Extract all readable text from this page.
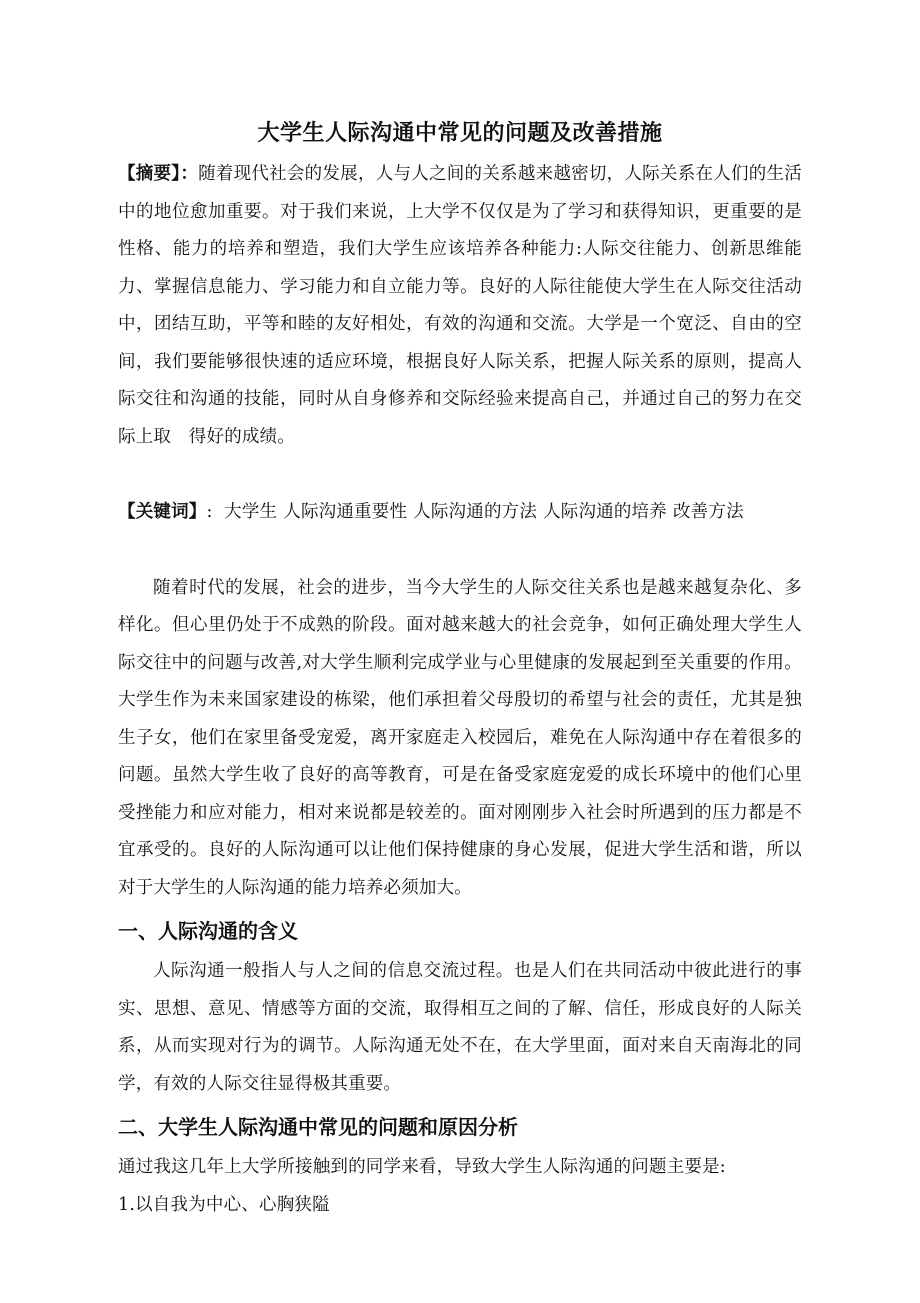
大学生人际沟通中常见的问题及改善措施

【摘要】：随着现代社会的发展，人与人之间的关系越来越密切，人际关系在人们的生活中的地位愈加重要。对于我们来说，上大学不仅仅是为了学习和获得知识，更重要的是性格、能力的培养和塑造，我们大学生应该培养各种能力:人际交往能力、创新思维能力、掌握信息能力、学习能力和自立能力等。良好的人际往能使大学生在人际交往活动中，团结互助，平等和睦的友好相处，有效的沟通和交流。大学是一个宽泛、自由的空间，我们要能够很快速的适应环境，根据良好人际关系，把握人际关系的原则，提高人际交往和沟通的技能，同时从自身修养和交际经验来提高自己，并通过自己的努力在交际上取　得好的成绩。

【关键词】: 大学生 人际沟通重要性 人际沟通的方法 人际沟通的培养 改善方法

随着时代的发展，社会的进步，当今大学生的人际交往关系也是越来越复杂化、多样化。但心里仍处于不成熟的阶段。面对越来越大的社会竞争，如何正确处理大学生人际交往中的问题与改善,对大学生顺利完成学业与心里健康的发展起到至关重要的作用。大学生作为未来国家建设的栋梁，他们承担着父母殷切的希望与社会的责任，尤其是独生子女，他们在家里备受宠爱，离开家庭走入校园后，难免在人际沟通中存在着很多的问题。虽然大学生收了良好的高等教育，可是在备受家庭宠爱的成长环境中的他们心里受挫能力和应对能力，相对来说都是较差的。面对刚刚步入社会时所遇到的压力都是不宜承受的。良好的人际沟通可以让他们保持健康的身心发展，促进大学生活和谐，所以对于大学生的人际沟通的能力培养必须加大。

一、人际沟通的含义

人际沟通一般指人与人之间的信息交流过程。也是人们在共同活动中彼此进行的事实、思想、意见、情感等方面的交流，取得相互之间的了解、信任，形成良好的人际关系，从而实现对行为的调节。人际沟通无处不在，在大学里面，面对来自天南海北的同学，有效的人际交往显得极其重要。

二、大学生人际沟通中常见的问题和原因分析

通过我这几年上大学所接触到的同学来看，导致大学生人际沟通的问题主要是:

1.以自我为中心、心胸狭隘
